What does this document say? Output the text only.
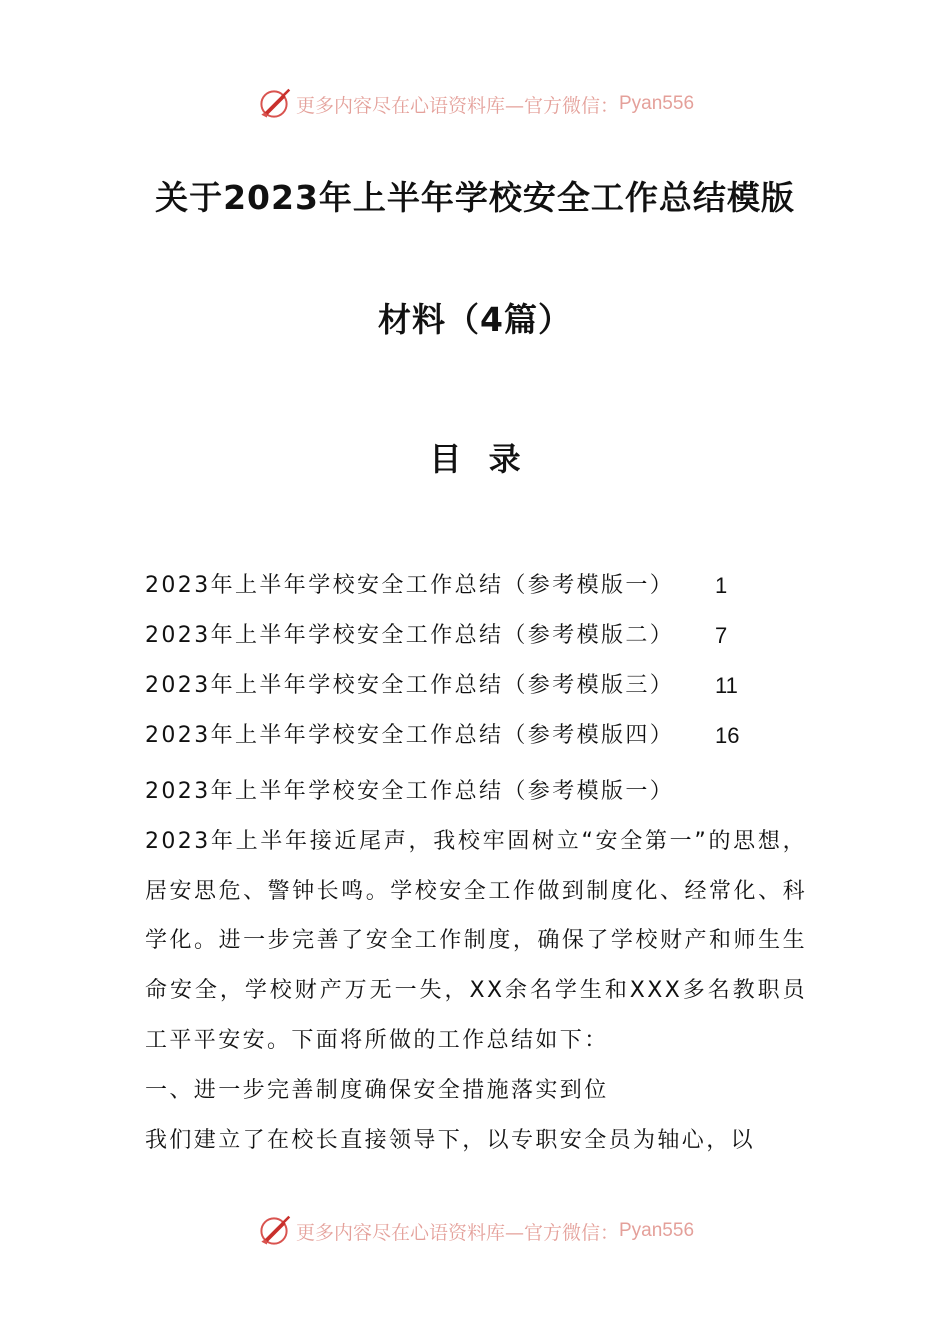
更多内容尽在心语资料库—官方微信： Pyan556
关于2023年上半年学校安全工作总结模版
材料（4篇）
目 录
2023年上半年学校安全工作总结（参考模版一） 1
2023年上半年学校安全工作总结（参考模版二） 7
2023年上半年学校安全工作总结（参考模版三） 11
2023年上半年学校安全工作总结（参考模版四） 16

2023年上半年学校安全工作总结（参考模版一）

2023年上半年接近尾声，我校牢固树立“安全第一”的思想，居安思危、警钟长鸣。学校安全工作做到制度化、经常化、科学化。进一步完善了安全工作制度，确保了学校财产和师生生命安全，学校财产万无一失，XX余名学生和XXX多名教职员工平平安安。下面将所做的工作总结如下：

一、进一步完善制度确保安全措施落实到位

我们建立了在校长直接领导下，以专职安全员为轴心，以

更多内容尽在心语资料库—官方微信： Pyan556
